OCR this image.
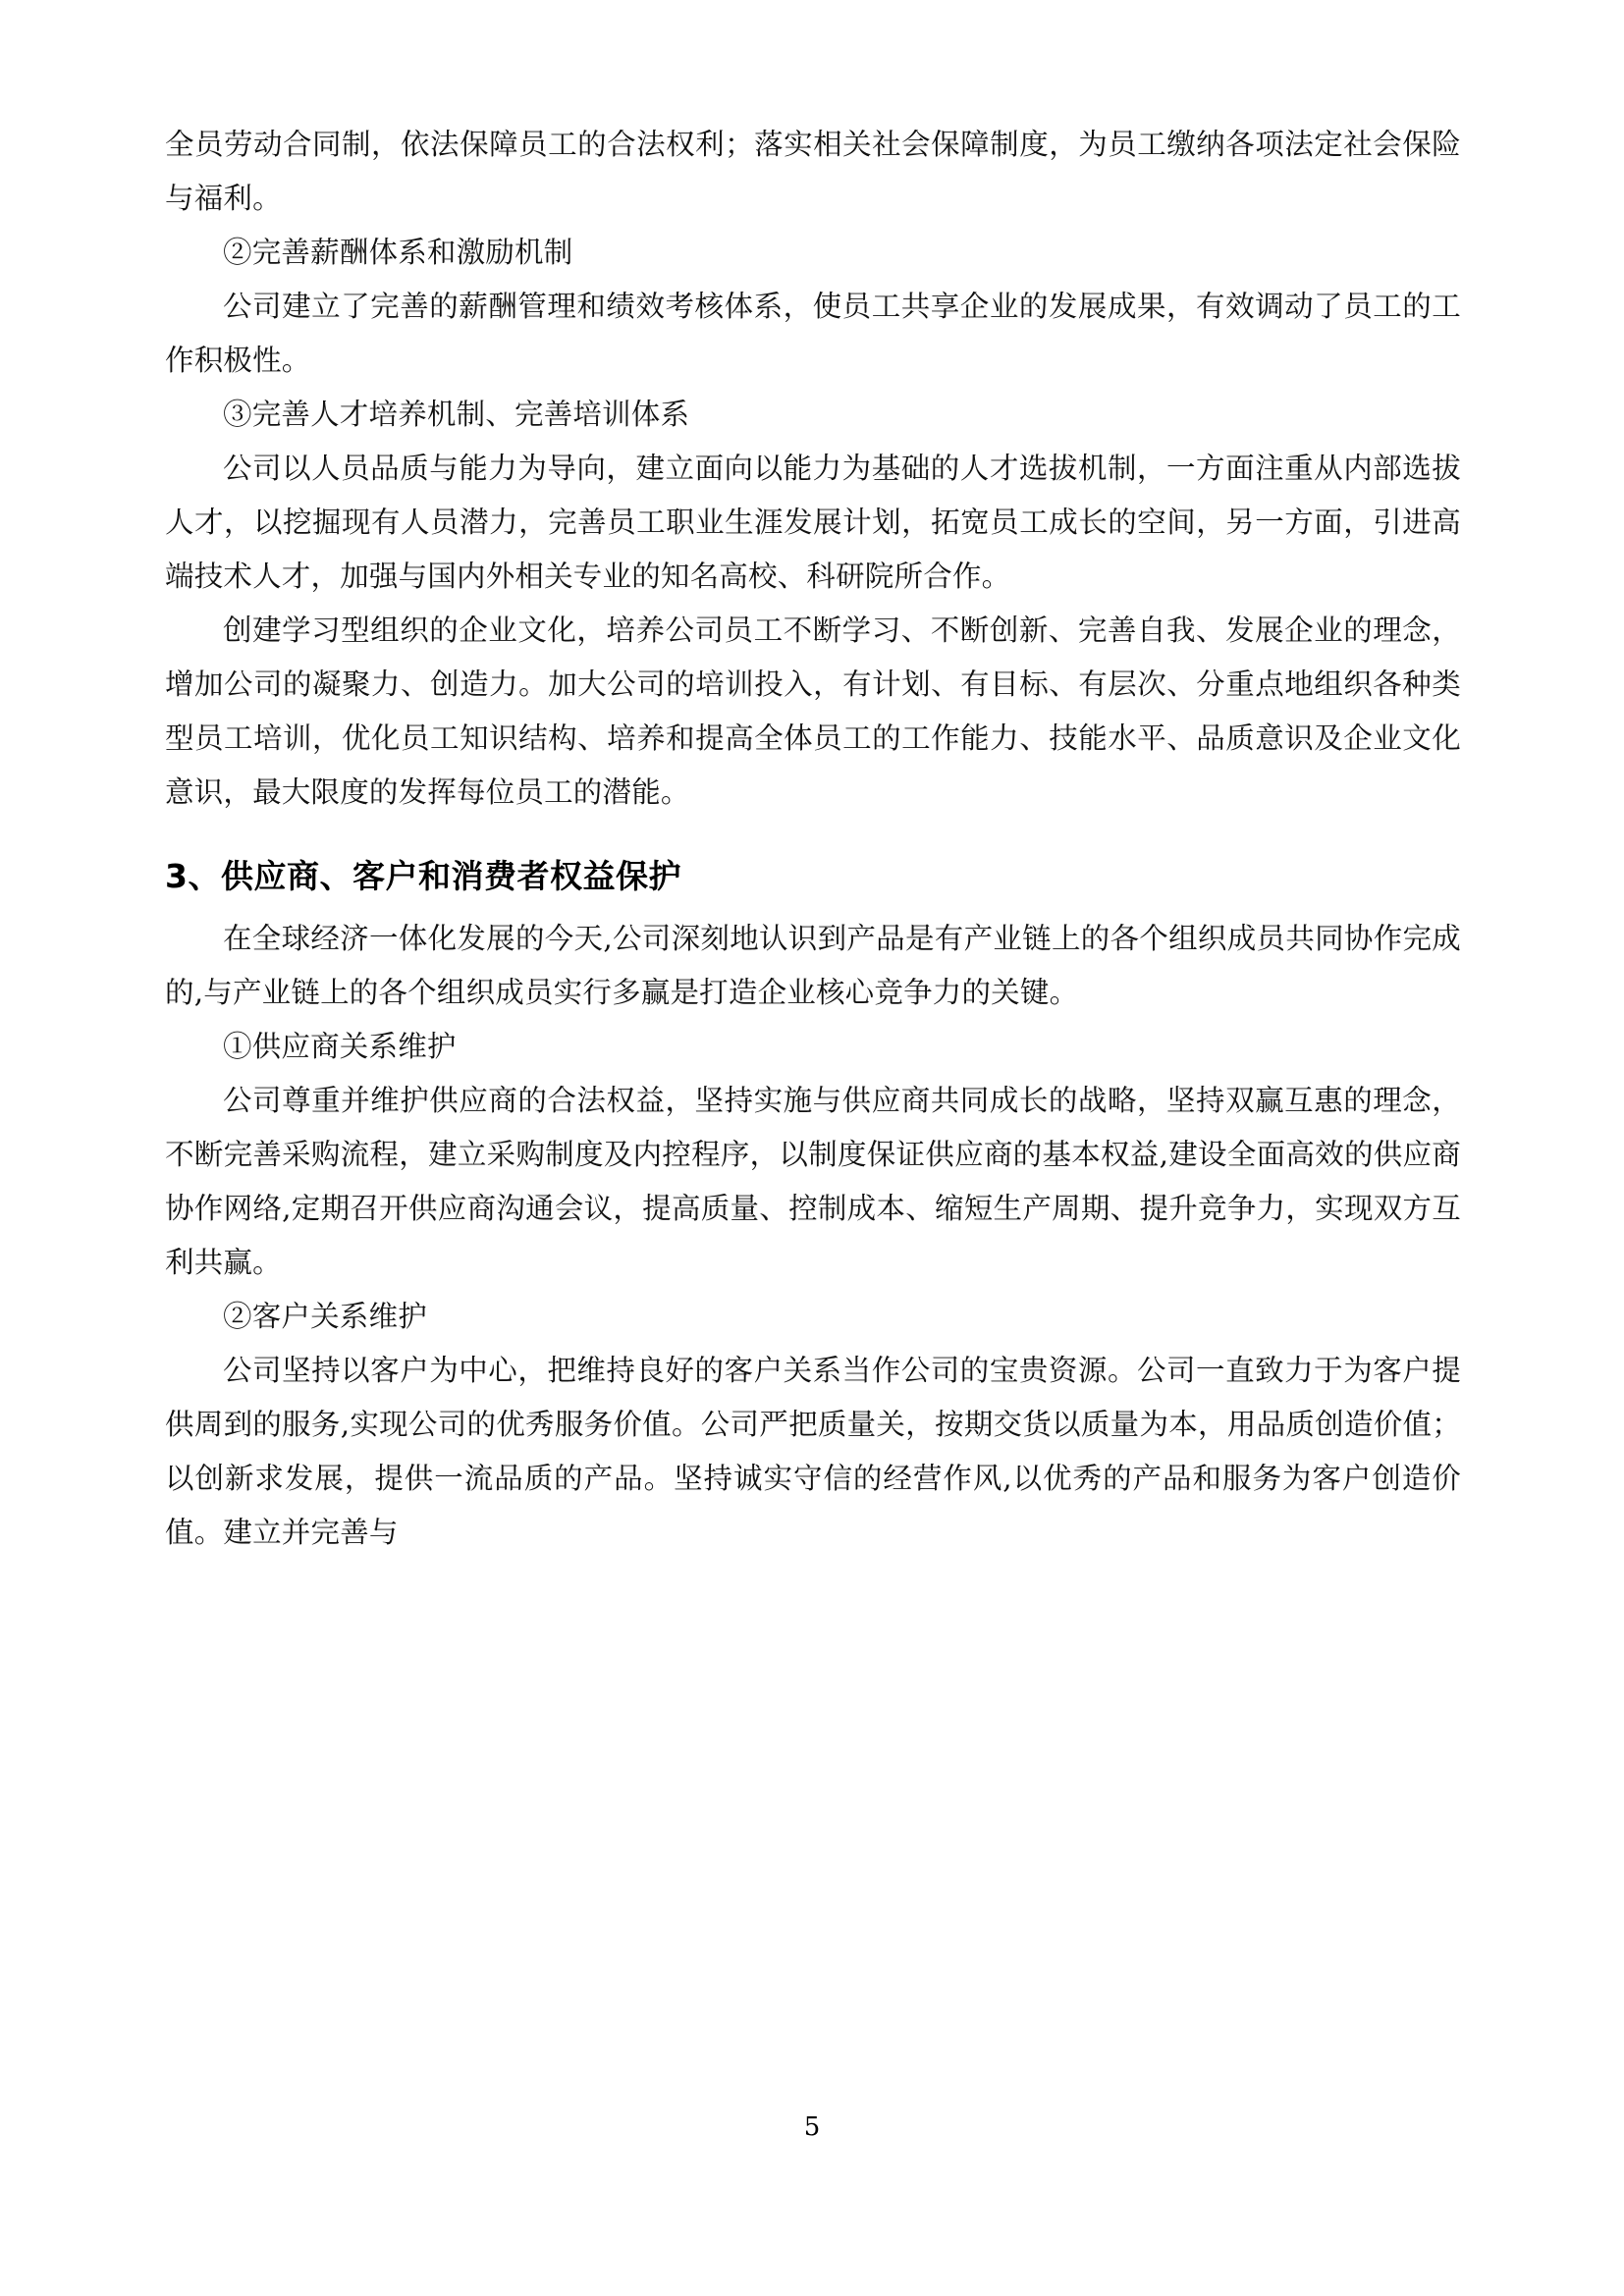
全员劳动合同制，依法保障员工的合法权利；落实相关社会保障制度，为员工缴纳各项法定社会保险与福利。

②完善薪酬体系和激励机制

公司建立了完善的薪酬管理和绩效考核体系，使员工共享企业的发展成果，有效调动了员工的工作积极性。

③完善人才培养机制、完善培训体系

公司以人员品质与能力为导向，建立面向以能力为基础的人才选拔机制，一方面注重从内部选拔人才，以挖掘现有人员潜力，完善员工职业生涯发展计划，拓宽员工成长的空间，另一方面，引进高端技术人才，加强与国内外相关专业的知名高校、科研院所合作。

创建学习型组织的企业文化，培养公司员工不断学习、不断创新、完善自我、发展企业的理念，增加公司的凝聚力、创造力。加大公司的培训投入，有计划、有目标、有层次、分重点地组织各种类型员工培训，优化员工知识结构、培养和提高全体员工的工作能力、技能水平、品质意识及企业文化意识，最大限度的发挥每位员工的潜能。

3、供应商、客户和消费者权益保护

在全球经济一体化发展的今天,公司深刻地认识到产品是有产业链上的各个组织成员共同协作完成的,与产业链上的各个组织成员实行多赢是打造企业核心竞争力的关键。

①供应商关系维护

公司尊重并维护供应商的合法权益，坚持实施与供应商共同成长的战略，坚持双赢互惠的理念，不断完善采购流程，建立采购制度及内控程序，以制度保证供应商的基本权益,建设全面高效的供应商协作网络,定期召开供应商沟通会议，提高质量、控制成本、缩短生产周期、提升竞争力，实现双方互利共赢。

②客户关系维护

公司坚持以客户为中心，把维持良好的客户关系当作公司的宝贵资源。公司一直致力于为客户提供周到的服务,实现公司的优秀服务价值。公司严把质量关，按期交货以质量为本，用品质创造价值；以创新求发展，提供一流品质的产品。坚持诚实守信的经营作风,以优秀的产品和服务为客户创造价值。建立并完善与

5
